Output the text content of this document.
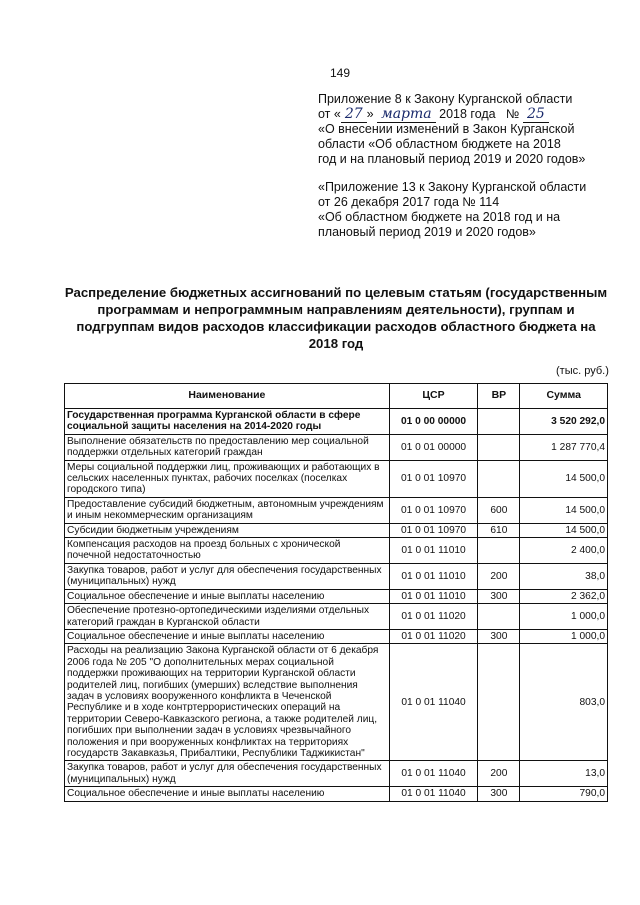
149
Приложение 8 к Закону Курганской области
от « 27 » марта 2018 года № 25
«О внесении изменений в Закон Курганской
области «Об областном бюджете на 2018
год и на плановый период 2019 и 2020 годов»
«Приложение 13 к Закону Курганской области
от 26 декабря 2017 года № 114
«Об областном бюджете на 2018 год и на
плановый период 2019 и 2020 годов»
Распределение бюджетных ассигнований по целевым статьям (государственным программам и непрограммным направлениям деятельности), группам и подгруппам видов расходов классификации расходов областного бюджета на 2018 год
(тыс. руб.)
Наименование	ЦСР	ВР	Сумма
Государственная программа Курганской области в сфере социальной защиты населения на 2014-2020 годы	01 0 00 00000		3 520 292,0
Выполнение обязательств по предоставлению мер социальной поддержки отдельных категорий граждан	01 0 01 00000		1 287 770,4
Меры социальной поддержки лиц, проживающих и работающих в сельских населенных пунктах, рабочих поселках (поселках городского типа)	01 0 01 10970		14 500,0
Предоставление субсидий бюджетным, автономным учреждениям и иным некоммерческим организациям	01 0 01 10970	600	14 500,0
Субсидии бюджетным учреждениям	01 0 01 10970	610	14 500,0
Компенсация расходов на проезд больных с хронической почечной недостаточностью	01 0 01 11010		2 400,0
Закупка товаров, работ и услуг для обеспечения государственных (муниципальных) нужд	01 0 01 11010	200	38,0
Социальное обеспечение и иные выплаты населению	01 0 01 11010	300	2 362,0
Обеспечение протезно-ортопедическими изделиями отдельных категорий граждан в Курганской области	01 0 01 11020		1 000,0
Социальное обеспечение и иные выплаты населению	01 0 01 11020	300	1 000,0
Расходы на реализацию Закона Курганской области от 6 декабря 2006 года № 205 "О дополнительных мерах социальной поддержки проживающих на территории Курганской области родителей лиц, погибших (умерших) вследствие выполнения задач в условиях вооруженного конфликта в Чеченской Республике и в ходе контртеррористических операций на территории Северо-Кавказского региона, а также родителей лиц, погибших при выполнении задач в условиях чрезвычайного положения и при вооруженных конфликтах на территориях государств Закавказья, Прибалтики, Республики Таджикистан"	01 0 01 11040		803,0
Закупка товаров, работ и услуг для обеспечения государственных (муниципальных) нужд	01 0 01 11040	200	13,0
Социальное обеспечение и иные выплаты населению	01 0 01 11040	300	790,0
